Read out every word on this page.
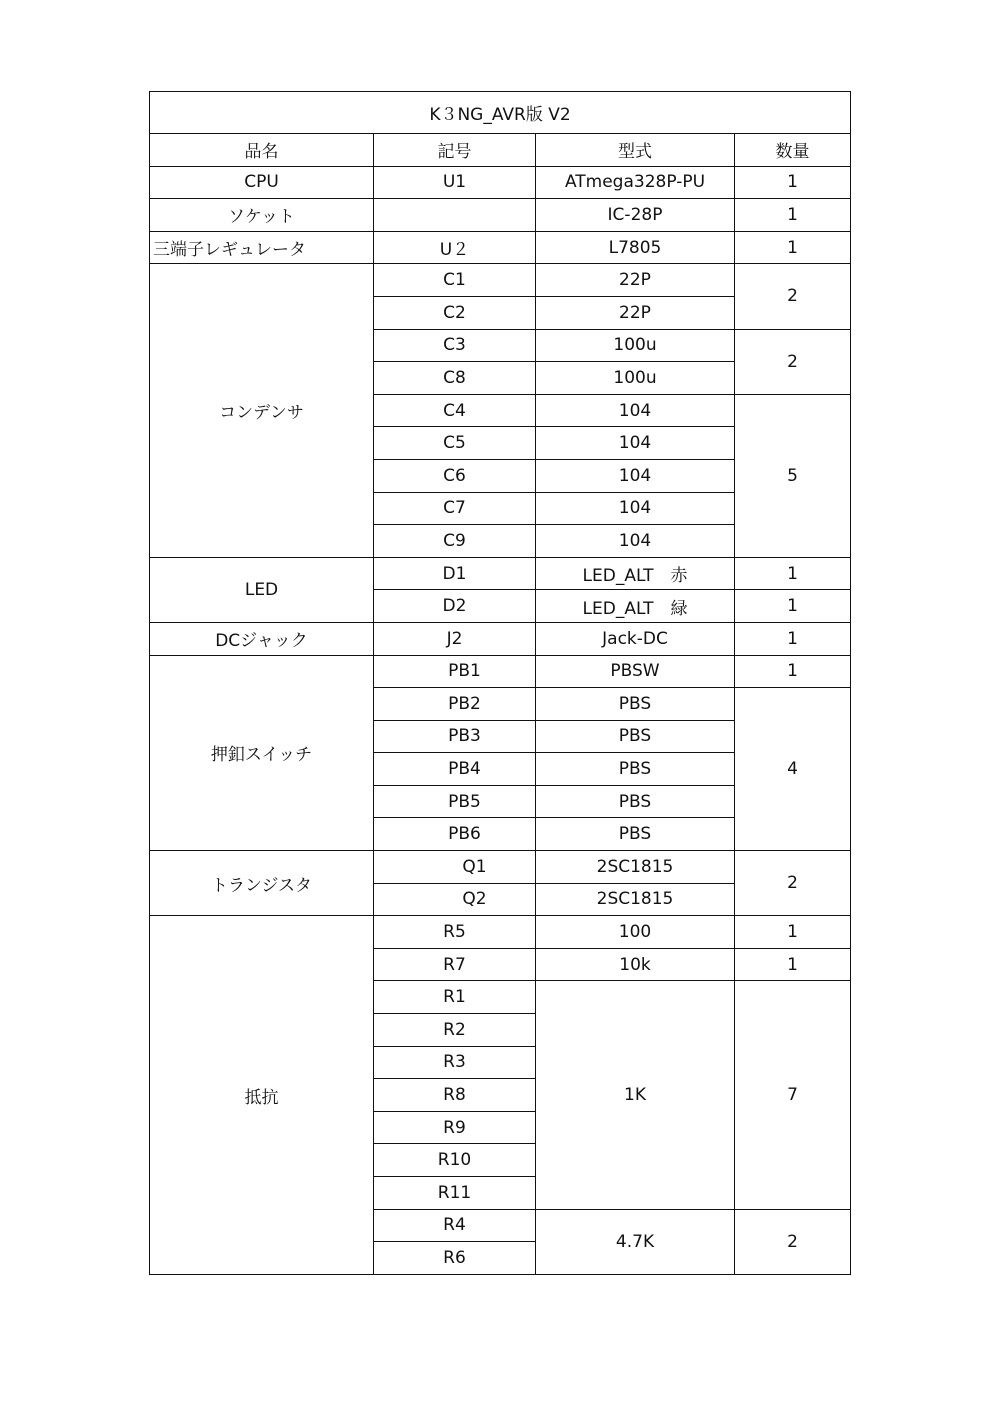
K３NG_AVR版 V2			
品名	記号	型式	数量
CPU	U1	ATmega328P-PU	1
ソケット		IC-28P	1
三端子レギュレータ	U２	L7805	1
コンデンサ	C1	22P	2
	C2	22P	
	C3	100u	2
	C8	100u	
	C4	104	5
	C5	104	
	C6	104	
	C7	104	
	C9	104	
LED	D1	LED_ALT　赤	1
	D2	LED_ALT　緑	1
DCジャック	J2	Jack-DC	1
押釦スイッチ	PB1	PBSW	1
	PB2	PBS	4
	PB3	PBS	
	PB4	PBS	
	PB5	PBS	
	PB6	PBS	
トランジスタ	Q1	2SC1815	2
	Q2	2SC1815	
抵抗	R5	100	1
	R7	10k	1
	R1	1K	7
	R2		
	R3		
	R8		
	R9		
	R10		
	R11		
	R4	4.7K	2
	R6		
